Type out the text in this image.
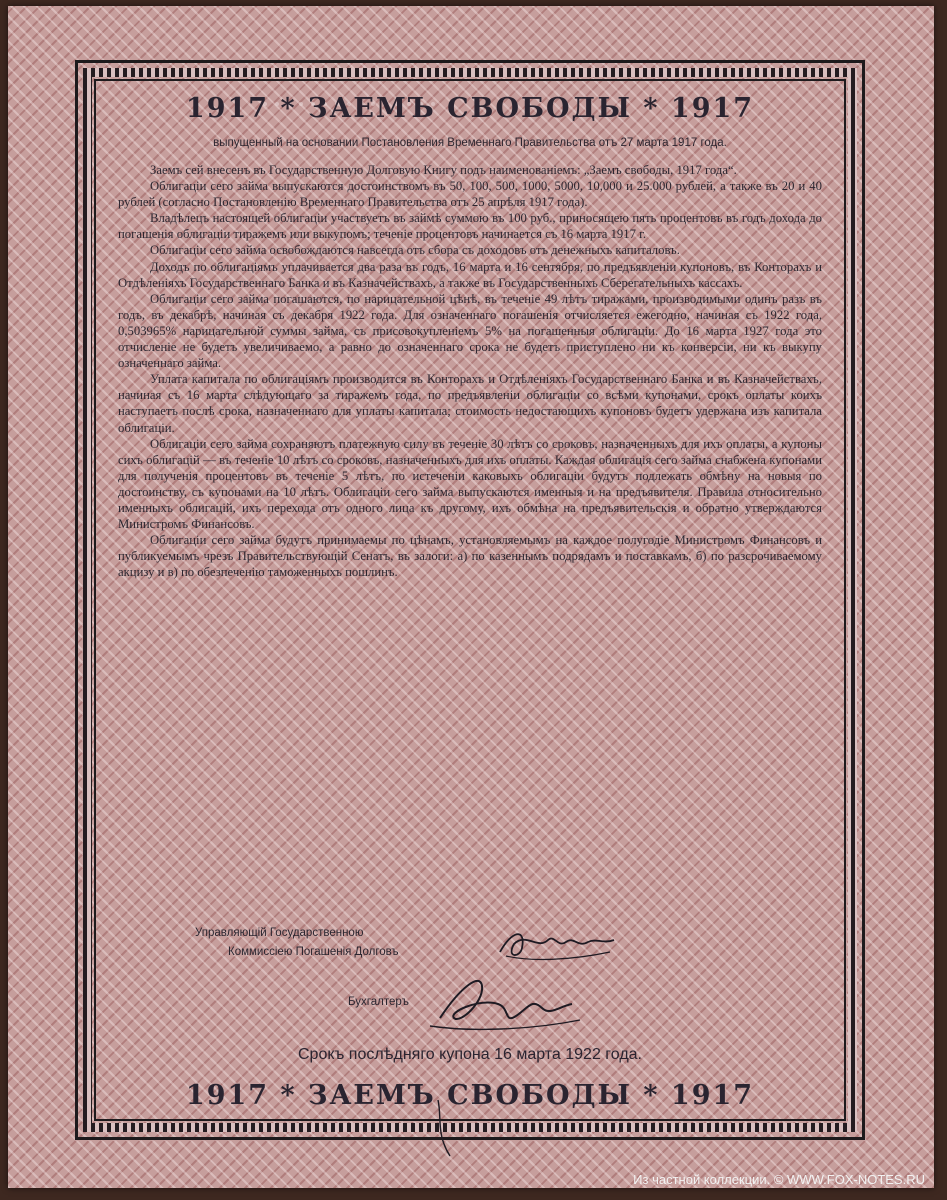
1917 * ЗАЕМЪ СВОБОДЫ * 1917
выпущенный на основании Постановления Временнаго Правительства отъ 27 марта 1917 года.

Заемъ сей внесенъ въ Государственную Долговую Книгу подъ наименованіемъ: „Заемъ свободы, 1917 года“.

Облигаціи сего займа выпускаются достоинствомъ въ 50, 100, 500, 1000, 5000, 10,000 и 25.000 рублей, а также въ 20 и 40 рублей (согласно Постановленію Временнаго Правительства отъ 25 апрѣля 1917 года).

Владѣлецъ настоящей облигаціи участвуетъ въ займѣ суммою въ 100 руб., приносящею пять процентовъ въ годъ дохода до погашенія облигаціи тиражемъ или выкупомъ; теченіе процентовъ начинается съ 16 марта 1917 г.

Облигаціи сего займа освобождаются навсегда отъ сбора съ доходовъ отъ денежныхъ капиталовъ.

Доходъ по облигаціямъ уплачивается два раза въ годъ, 16 марта и 16 сентября, по предъявленіи купоновъ, въ Конторахъ и Отдѣленіяхъ Государственнаго Банка и въ Казначействахъ, а также въ Государственныхъ Сберегательныхъ кассахъ.

Облигаціи сего займа погашаются, по нарицательной цѣнѣ, въ теченіе 49 лѣтъ тиражами, производимыми одинъ разъ въ годъ, въ декабрѣ, начиная съ декабря 1922 года. Для означеннаго погашенія отчисляется ежегодно, начиная съ 1922 года, 0,503965% нарицательной суммы займа, съ присовокупленіемъ 5% на погашенныя облигаціи. До 16 марта 1927 года это отчисленіе не будетъ увеличиваемо, а равно до означеннаго срока не будетъ приступлено ни къ конверсіи, ни къ выкупу означеннаго займа.

Уплата капитала по облигаціямъ производится въ Конторахъ и Отдѣленіяхъ Государственнаго Банка и въ Казначействахъ, начиная съ 16 марта слѣдующаго за тиражемъ года, по предъявленіи облигаціи со всѣми купонами, срокъ оплаты коихъ наступаетъ послѣ срока, назначеннаго для уплаты капитала; стоимость недостающихъ купоновъ будетъ удержана изъ капитала облигаціи.

Облигаціи сего займа сохраняютъ платежную силу въ теченіе 30 лѣтъ со сроковъ, назначенныхъ для ихъ оплаты, а купоны сихъ облигацій — въ теченіе 10 лѣтъ со сроковъ, назначенныхъ для ихъ оплаты. Каждая облигація сего займа снабжена купонами для полученія процентовъ въ теченіе 5 лѣтъ, по истеченіи каковыхъ облигаціи будутъ подлежать обмѣну на новыя по достоинству, съ купонами на 10 лѣтъ. Облигаціи сего займа выпускаются именныя и на предъявителя. Правила относительно именныхъ облигацій, ихъ перехода отъ одного лица къ другому, ихъ обмѣна на предъявительскія и обратно утверждаются Министромъ Финансовъ.

Облигаціи сего займа будутъ принимаемы по цѣнамъ, установляемымъ на каждое полугодіе Министромъ Финансовъ и публикуемымъ чрезъ Правительствующій Сенатъ, въ залоги: а) по казеннымъ подрядамъ и поставкамъ, б) по разсрочиваемому акцизу и в) по обезпеченію таможенныхъ пошлинъ.

Управляющій Государственною
Коммиссіею Погашенія Долговъ
Бухгалтеръ
Срокъ послѣдняго купона 16 марта 1922 года.
1917 * ЗАЕМЪ СВОБОДЫ * 1917
Из частной коллекции. © WWW.FOX-NOTES.RU
